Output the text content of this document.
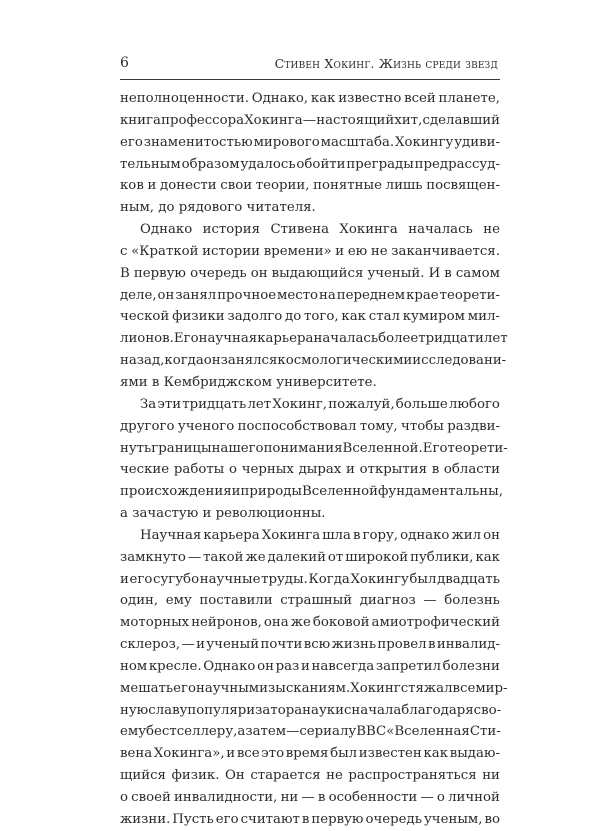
6	Стивен Хокинг. Жизнь среди звезд
неполноценности. Однако, как известно всей планете,
книга профессора Хокинга — настоящий хит, сделавший
его знаменитостью мирового масштаба. Хокингу удиви-
тельным образом удалось обойти преграды предрассуд-
ков и донести свои теории, понятные лишь посвящен-
ным, до рядового читателя.
Однако история Стивена Хокинга началась не
с «Краткой истории времени» и ею не заканчивается.
В первую очередь он выдающийся ученый. И в самом
деле, он занял прочное место на переднем крае теорети-
ческой физики задолго до того, как стал кумиром мил-
лионов. Его научная карьера началась более тридцати лет
назад, когда он занялся космологическими исследовани-
ями в Кембриджском университете.
За эти тридцать лет Хокинг, пожалуй, больше любого
другого ученого поспособствовал тому, чтобы раздви-
нуть границы нашего понимания Вселенной. Его теорети-
ческие работы о черных дырах и открытия в области
происхождения и природы Вселенной фундаментальны,
а зачастую и революционны.
Научная карьера Хокинга шла в гору, однако жил он
замкнуто — такой же далекий от широкой публики, как
и его сугубо научные труды. Когда Хокингу был двадцать
один, ему поставили страшный диагноз — болезнь
моторных нейронов, она же боковой амиотрофический
склероз, — и ученый почти всю жизнь провел в инвалид-
ном кресле. Однако он раз и навсегда запретил болезни
мешать его научным изысканиям. Хокинг стяжал всемир-
ную славу популяризатора науки сначала благодаря сво-
ему бестселлеру, а затем — сериалу BBC «Вселенная Сти-
вена Хокинга», и все это время был известен как выдаю-
щийся физик. Он старается не распространяться ни
о своей инвалидности, ни — в особенности — о личной
жизни. Пусть его считают в первую очередь ученым, во
